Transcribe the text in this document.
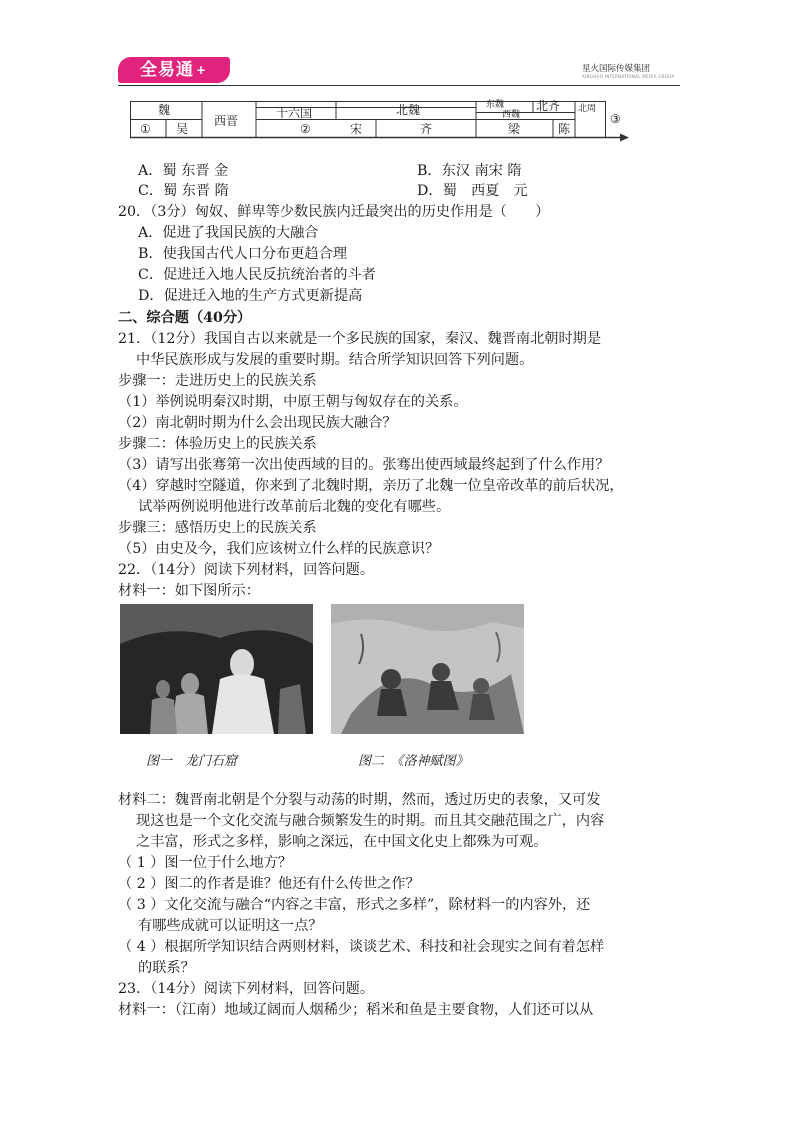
全易通 +	星火国际传媒集团
XINGHUO INTERNATIONAL MEDIA GROUP
魏	十六国	北魏	东魏	北齐
西魏
北周
① 吴
西晋
②	宋	齐	梁	陈
③
A．蜀 东晋 金	B．东汉 南宋 隋
C．蜀 东晋 隋	D．蜀　西夏　元
20．（3分）匈奴、鲜卑等少数民族内迁最突出的历史作用是（　　）
A．促进了我国民族的大融合
B．使我国古代人口分布更趋合理
C．促进迁入地人民反抗统治者的斗者
D．促进迁入地的生产方式更新提高
二、综合题（40分）
21．（12分）我国自古以来就是一个多民族的国家，秦汉、魏晋南北朝时期是
中华民族形成与发展的重要时期。结合所学知识回答下列问题。
步骤一：走进历史上的民族关系
（1）举例说明秦汉时期，中原王朝与匈奴存在的关系。
（2）南北朝时期为什么会出现民族大融合？
步骤二：体验历史上的民族关系
（3）请写出张骞第一次出使西域的目的。张骞出使西域最终起到了什么作用？
（4）穿越时空隧道，你来到了北魏时期，亲历了北魏一位皇帝改革的前后状况，
试举两例说明他进行改革前后北魏的变化有哪些。
步骤三：感悟历史上的民族关系
（5）由史及今，我们应该树立什么样的民族意识？
22．（14分）阅读下列材料，回答问题。
材料一：如下图所示：
图一　龙门石窟	图二　《洛神赋图》
材料二：魏晋南北朝是个分裂与动荡的时期，然而，透过历史的表象，又可发
现这也是一个文化交流与融合频繁发生的时期。而且其交融范围之广，内容
之丰富，形式之多样，影响之深远，在中国文化史上都殊为可观。
（ 1 ）图一位于什么地方？
（ 2 ）图二的作者是谁？他还有什么传世之作？
（ 3 ）文化交流与融合“内容之丰富，形式之多样”，除材料一的内容外，还
有哪些成就可以证明这一点？
（ 4 ）根据所学知识结合两则材料，谈谈艺术、科技和社会现实之间有着怎样
的联系？
23．（14分）阅读下列材料，回答问题。
材料一：（江南）地域辽阔而人烟稀少；稻米和鱼是主要食物，人们还可以从
